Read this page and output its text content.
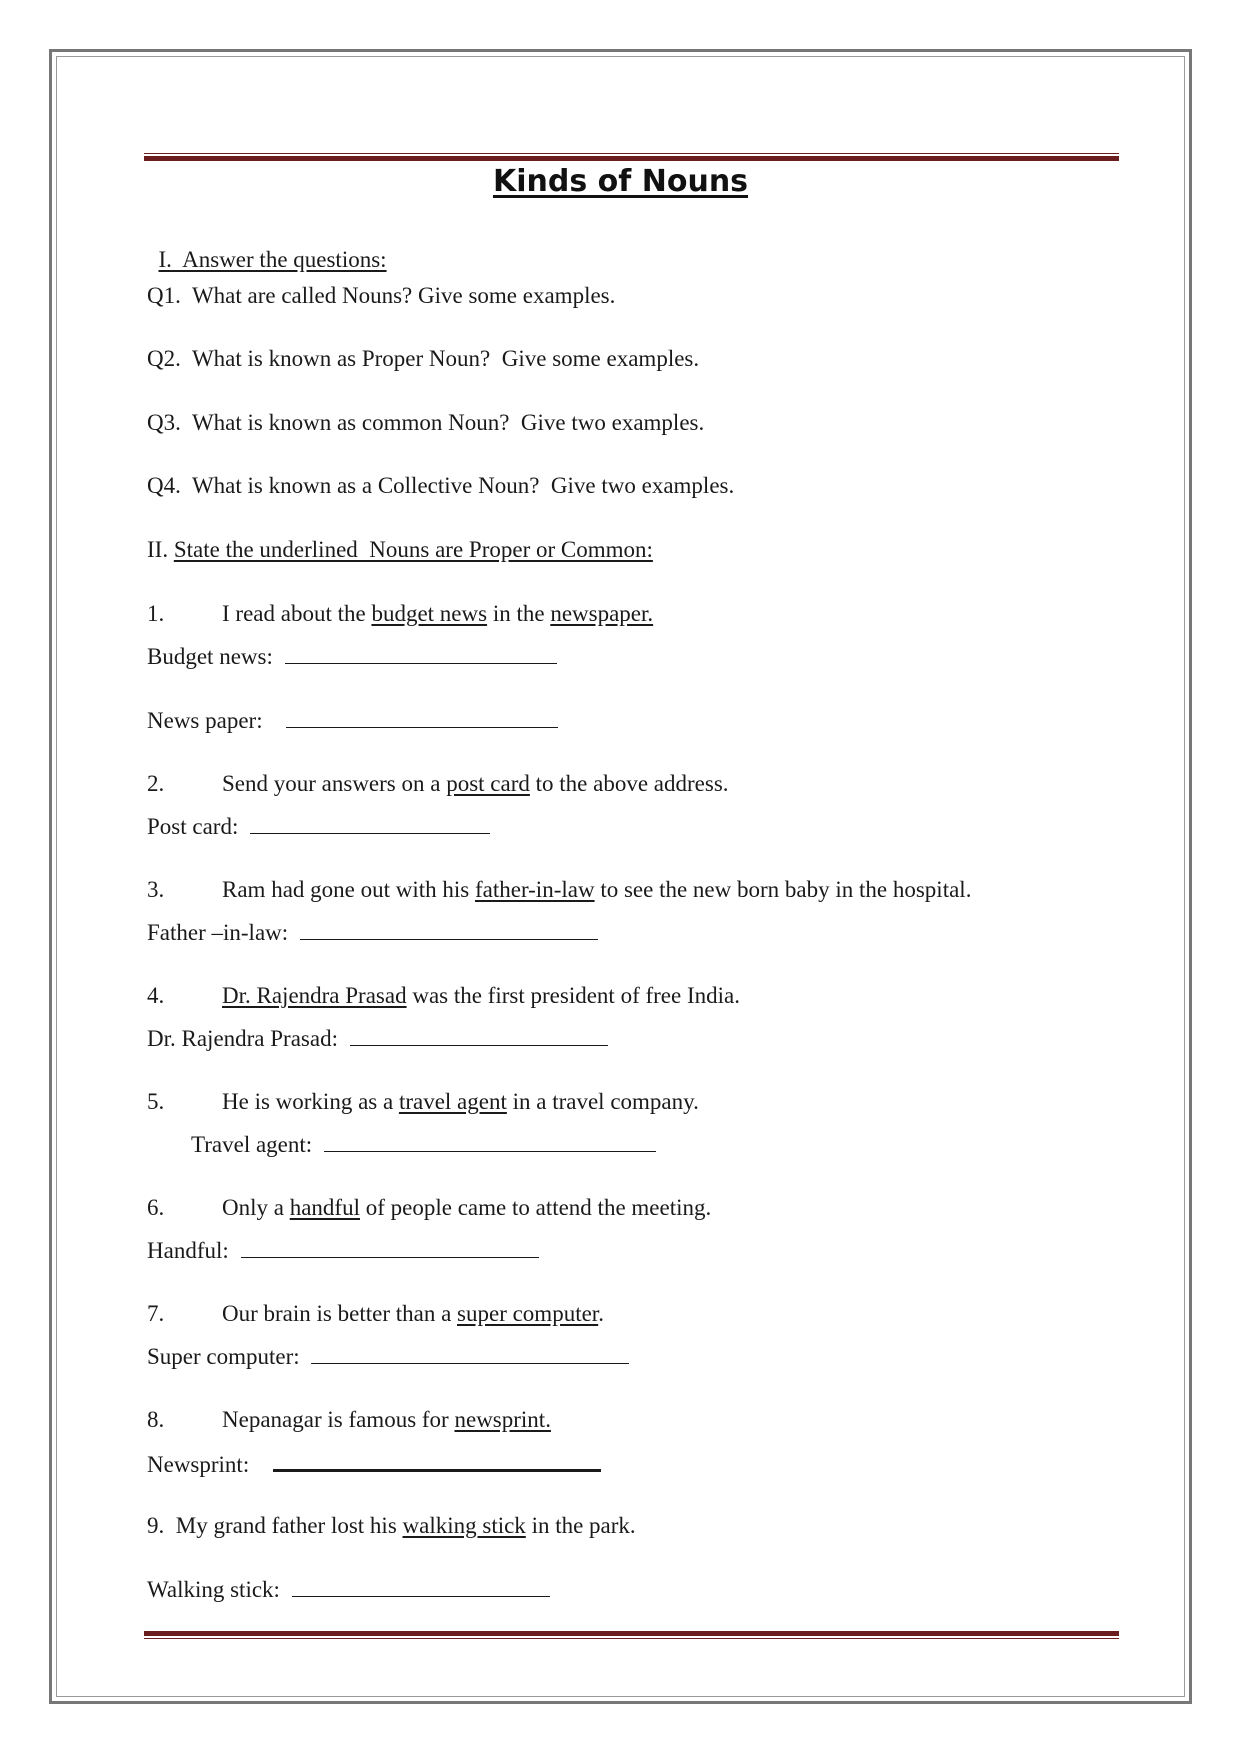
Kinds of Nouns

I.  Answer the questions:

Q1.  What are called Nouns? Give some examples.
Q2.  What is known as Proper Noun?  Give some examples.
Q3.  What is known as common Noun?  Give two examples.
Q4.  What is known as a Collective Noun?  Give two examples.
II. State the underlined  Nouns are Proper or Common:
1.	I read about the budget news in the newspaper.
Budget news:
News paper:
2.	Send your answers on a post card to the above address.
Post card:
3.	Ram had gone out with his father-in-law to see the new born baby in the hospital.
Father –in-law:
4.	Dr. Rajendra Prasad was the first president of free India.
Dr. Rajendra Prasad:
5.	He is working as a travel agent in a travel company.
Travel agent:
6.	Only a handful of people came to attend the meeting.
Handful:
7.	Our brain is better than a super computer.
Super computer:
8.	Nepanagar is famous for newsprint.
Newsprint:
9.  My grand father lost his walking stick in the park.
Walking stick:
